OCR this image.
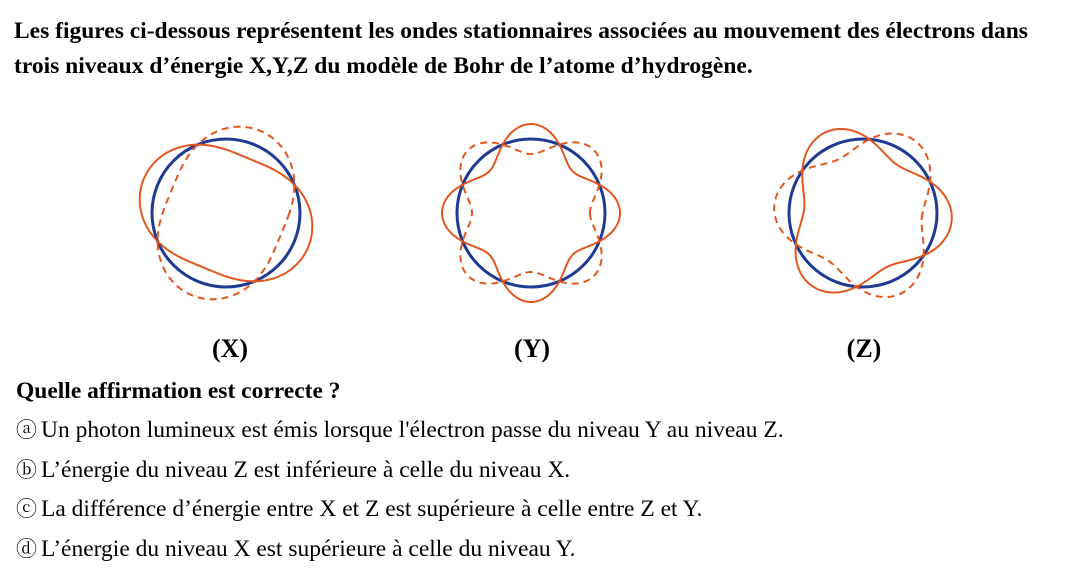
Les figures ci-dessous représentent les ondes stationnaires associées au mouvement des électrons dans trois niveaux d’énergie X,Y,Z du modèle de Bohr de l’atome d’hydrogène.

(X)	(Y)	(Z)

Quelle affirmation est correcte ?

ⓐ Un photon lumineux est émis lorsque l'électron passe du niveau Y au niveau Z.
ⓑ L’énergie du niveau Z est inférieure à celle du niveau X.
ⓒ La différence d’énergie entre X et Z est supérieure à celle entre Z et Y.
ⓓ L’énergie du niveau X est supérieure à celle du niveau Y.
